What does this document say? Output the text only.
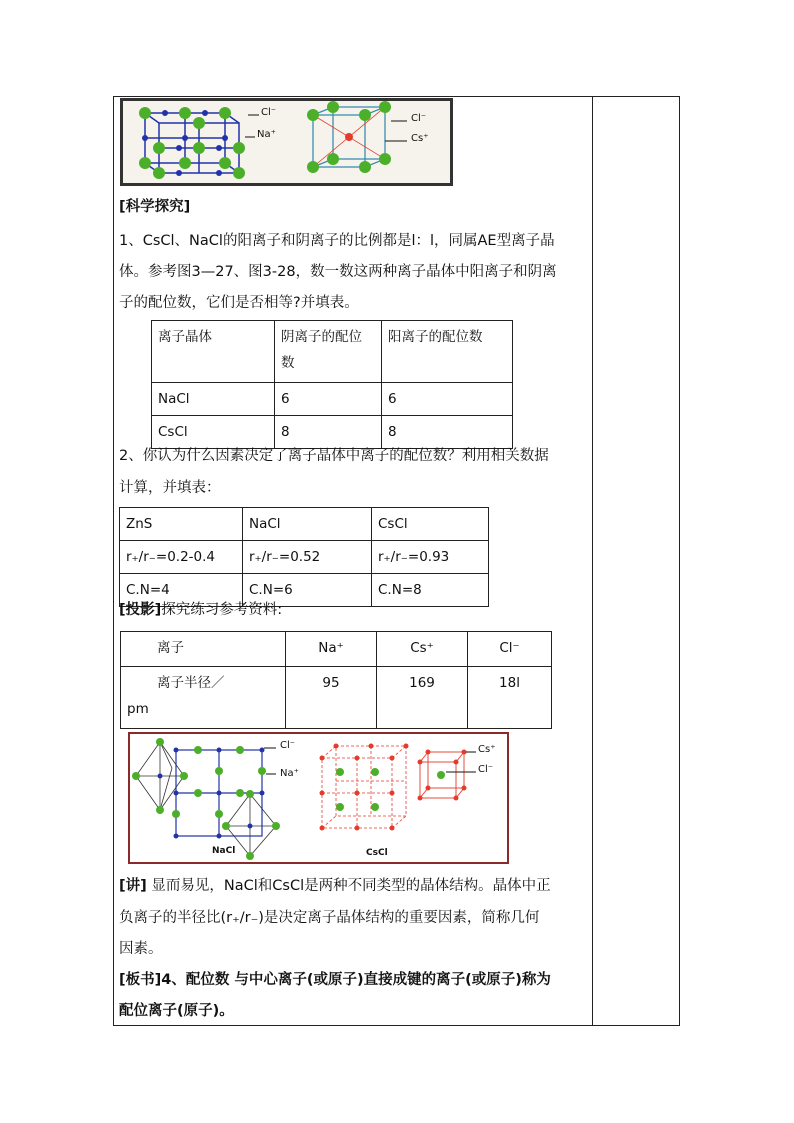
Cl⁻
Na⁺
Cl⁻
Cs⁺
[科学探究]
1、CsCl、NaCl的阳离子和阴离子的比例都是l：l，同属AE型离子晶
体。参考图3—27、图3-28，数一数这两种离子晶体中阳离子和阴离
子的配位数，它们是否相等?并填表。
离子晶体	阴离子的配位数	阳离子的配位数
NaCl	6	6
CsCl	8	8
2、你认为什么因素决定了离子晶体中离子的配位数？利用相关数据
计算，并填表：
ZnS	NaCl	CsCl
r₊/r₋=0.2-0.4	r₊/r₋=0.52	r₊/r₋=0.93
C.N=4	C.N=6	C.N=8
[投影]探究练习参考资料:
离子	Na⁺	Cs⁺	Cl⁻

离子半径／
pm	95	169	18l
Cl⁻
Na⁺
NaCl
Cs⁺
Cl⁻
CsCl
[讲] 显而易见，NaCl和CsCl是两种不同类型的晶体结构。晶体中正
负离子的半径比(r₊/r₋)是决定离子晶体结构的重要因素，简称几何
因素。
[板书]4、配位数 与中心离子(或原子)直接成键的离子(或原子)称为
配位离子(原子)。
